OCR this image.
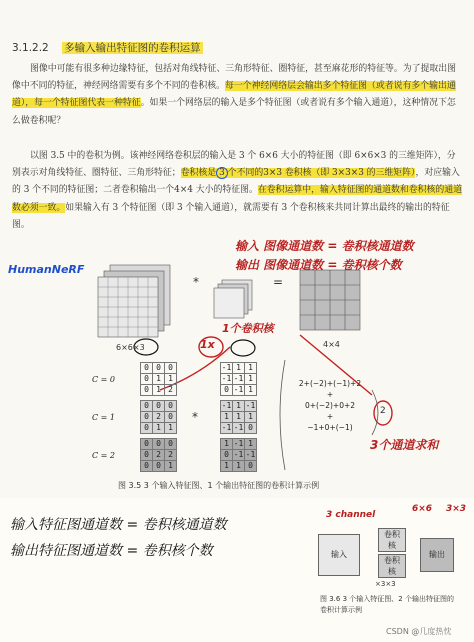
3.1.2.2 多输入输出特征图的卷积运算
图像中可能有很多种边缘特征，包括对角线特征、三角形特征、圈特征，甚至麻花形的特征等。为了提取出图像中不同的特征，神经网络需要有多个不同的卷积核。每一个神经网络层会输出多个特征图（或者说有多个输出通道），每一个特征图代表一种特征。如果一个网络层的输入是多个特征图（或者说有多个输入通道），这种情况下怎么做卷积呢？
以图 3.5 中的卷积为例。该神经网络卷积层的输入是 3 个 6×6 大小的特征图（即 6×6×3 的三维矩阵），分别表示对角线特征、圈特征、三角形特征；卷积核是 3 个不同的3×3 卷积核（即 3×3×3 的三维矩阵），对应输入的 3 个不同的特征图；二者卷积输出一个4×4 大小的特征图。在卷积运算中，输入特征图的通道数和卷积核的通道数必须一致。如果输入有 3 个特征图（即 3 个输入通道），就需要有 3 个卷积核来共同计算出最终的输出的特征图。
6×6×3
*	=
4×4
C = 0
C = 1
C = 2
0	0	0
0	1	1
0	1	2
0	0	0
0	2	0
0	1	1
0	0	0
0	2	2
0	0	1
*
-1	1	1
-1	-1	1
0	-1	1
-1	1	-1
1	1	1
-1	-1	0
1	-1	1
0	-1	-1
1	1	0
2+(−2)+(−1)+2
+
0+(−2)+0+2
+
−1+0+(−1)
2
图 3.5 3 个输入特征图、1 个输出特征图的卷积计算示例
HumanNeRF
输入 图像通道数 = 卷积核通道数
输出 图像通道数 = 卷积核个数
1个卷积核
1x
3个通道求和
输入特征图通道数 = 卷积核通道数
输出特征图通道数 = 卷积核个数
3 channel
6×6 3×3
输入
卷积 核
卷积 核
输出
×3×3
图 3.6 3 个输入特征图、2 个输出特征图的
卷积计算示例
CSDN @几度热忱
